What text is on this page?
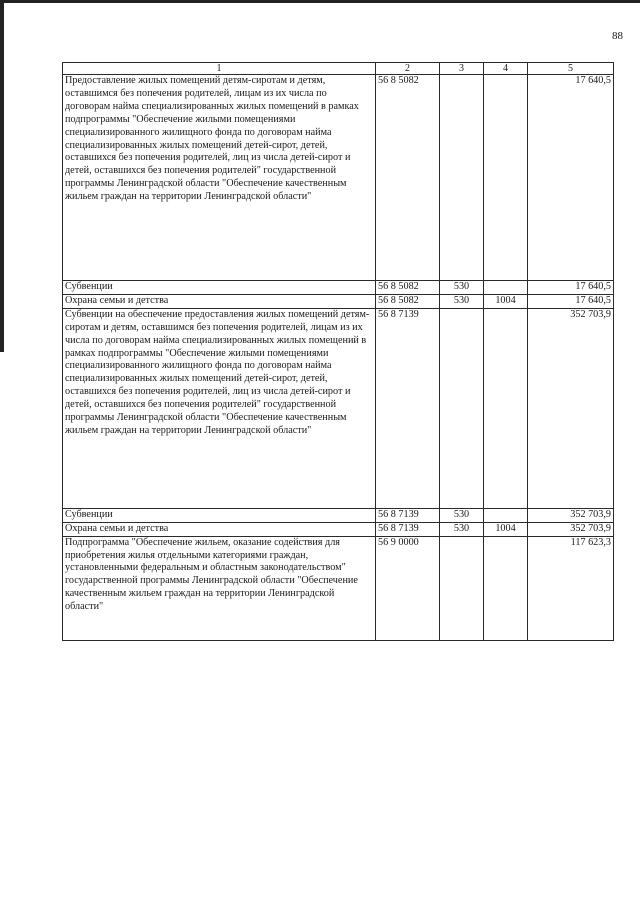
88
1	2	3	4	5
Предоставление жилых помещений детям-сиротам и детям, оставшимся без попечения родителей, лицам из их числа по договорам найма специализированных жилых помещений в рамках подпрограммы "Обеспечение жилыми помещениями специализированного жилищного фонда по договорам найма специализированных жилых помещений детей-сирот, детей, оставшихся без попечения родителей, лиц из числа детей-сирот и детей, оставшихся без попечения родителей" государственной программы Ленинградской области "Обеспечение качественным жильем граждан на территории Ленинградской области"	56 8 5082			17 640,5
Субвенции	56 8 5082	530		17 640,5
Охрана семьи и детства	56 8 5082	530	1004	17 640,5
Субвенции на обеспечение предоставления жилых помещений детям-сиротам и детям, оставшимся без попечения родителей, лицам из их числа по договорам найма специализированных жилых помещений в рамках подпрограммы "Обеспечение жилыми помещениями специализированного жилищного фонда по договорам найма специализированных жилых помещений детей-сирот, детей, оставшихся без попечения родителей, лиц из числа детей-сирот и детей, оставшихся без попечения родителей" государственной программы Ленинградской области "Обеспечение качественным жильем граждан на территории Ленинградской области"	56 8 7139			352 703,9
Субвенции	56 8 7139	530		352 703,9
Охрана семьи и детства	56 8 7139	530	1004	352 703,9
Подпрограмма "Обеспечение жильем, оказание содействия для приобретения жилья отдельными категориями граждан, установленными федеральным и областным законодательством" государственной программы Ленинградской области "Обеспечение качественным жильем граждан на территории Ленинградской области"	56 9 0000			117 623,3
